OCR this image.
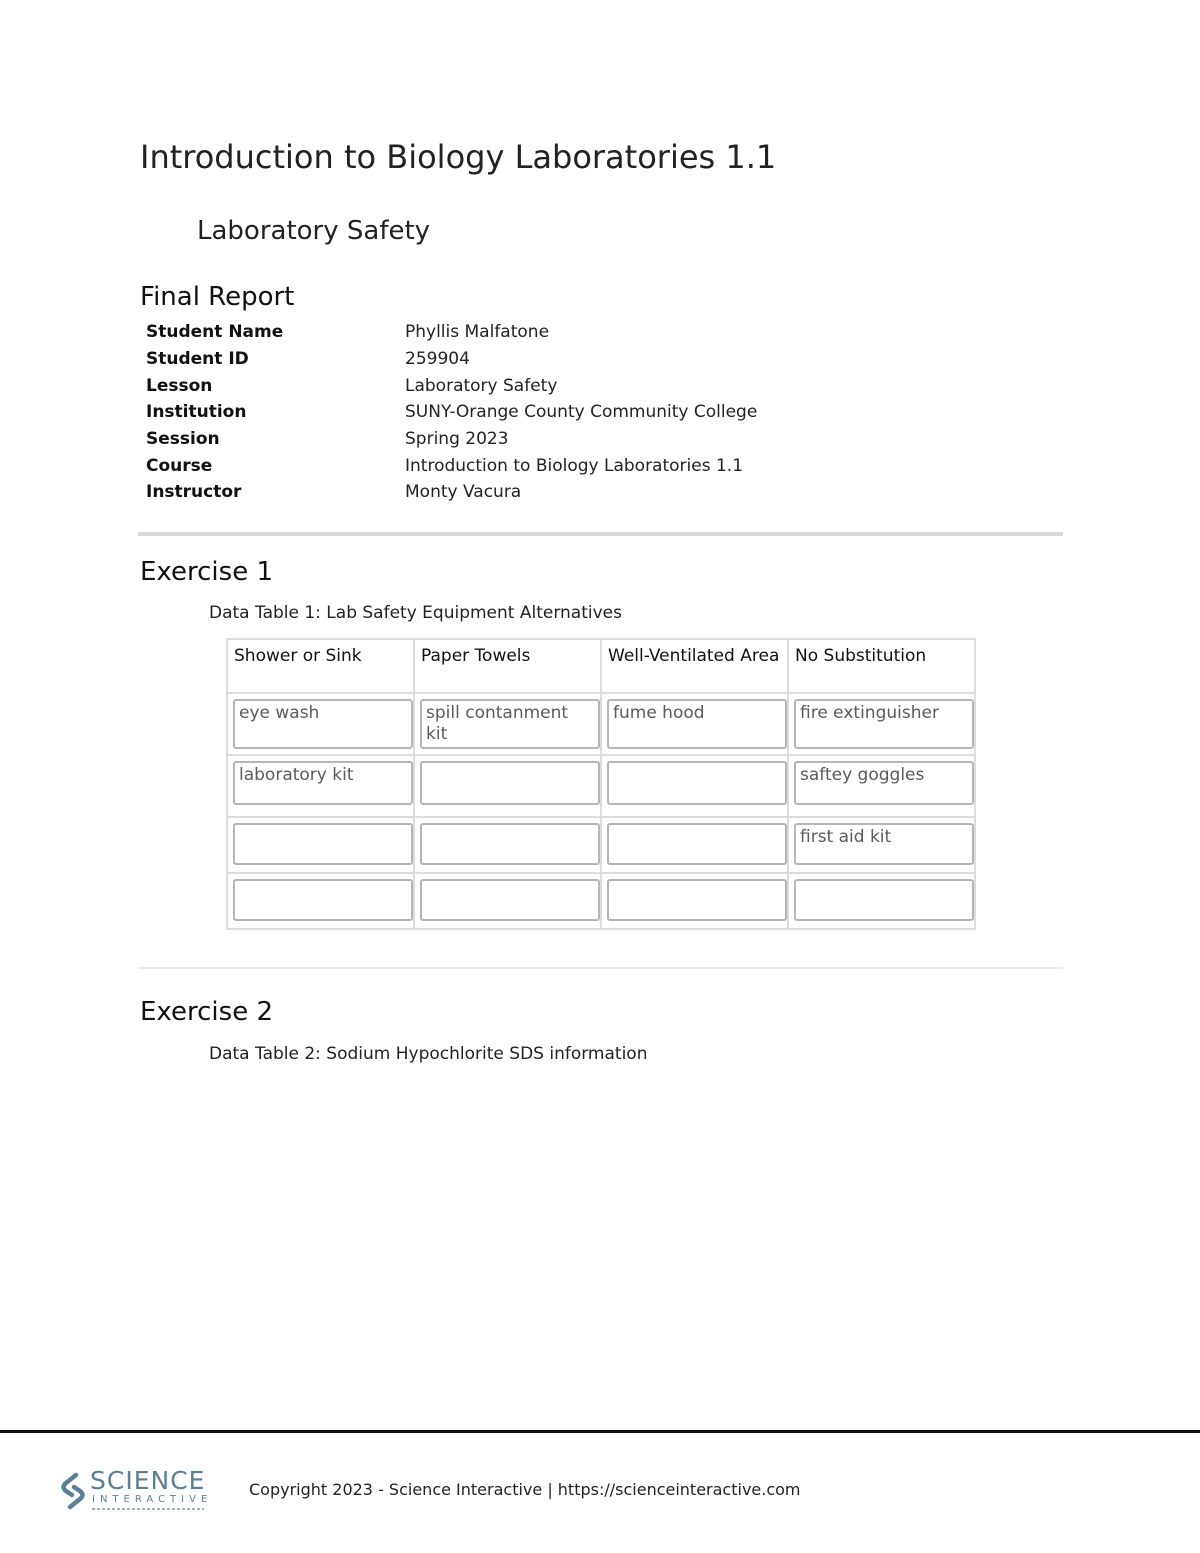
Introduction to Biology Laboratories 1.1
Laboratory Safety
Final Report
Student Name	Phyllis Malfatone
Student ID	259904
Lesson	Laboratory Safety
Institution	SUNY-Orange County Community College
Session	Spring 2023
Course	Introduction to Biology Laboratories 1.1
Instructor	Monty Vacura
Exercise 1

Data Table 1: Lab Safety Equipment Alternatives

Shower or Sink	Paper Towels	Well-Ventilated Area	No Substitution

eye wash	spill contanment kit	fume hood	fire extinguisher

laboratory kit			saftey goggles

			first aid kit

Exercise 2

Data Table 2: Sodium Hypochlorite SDS information

SCIENCE
INTERACTIVE
Copyright 2023 - Science Interactive | https://scienceinteractive.com
